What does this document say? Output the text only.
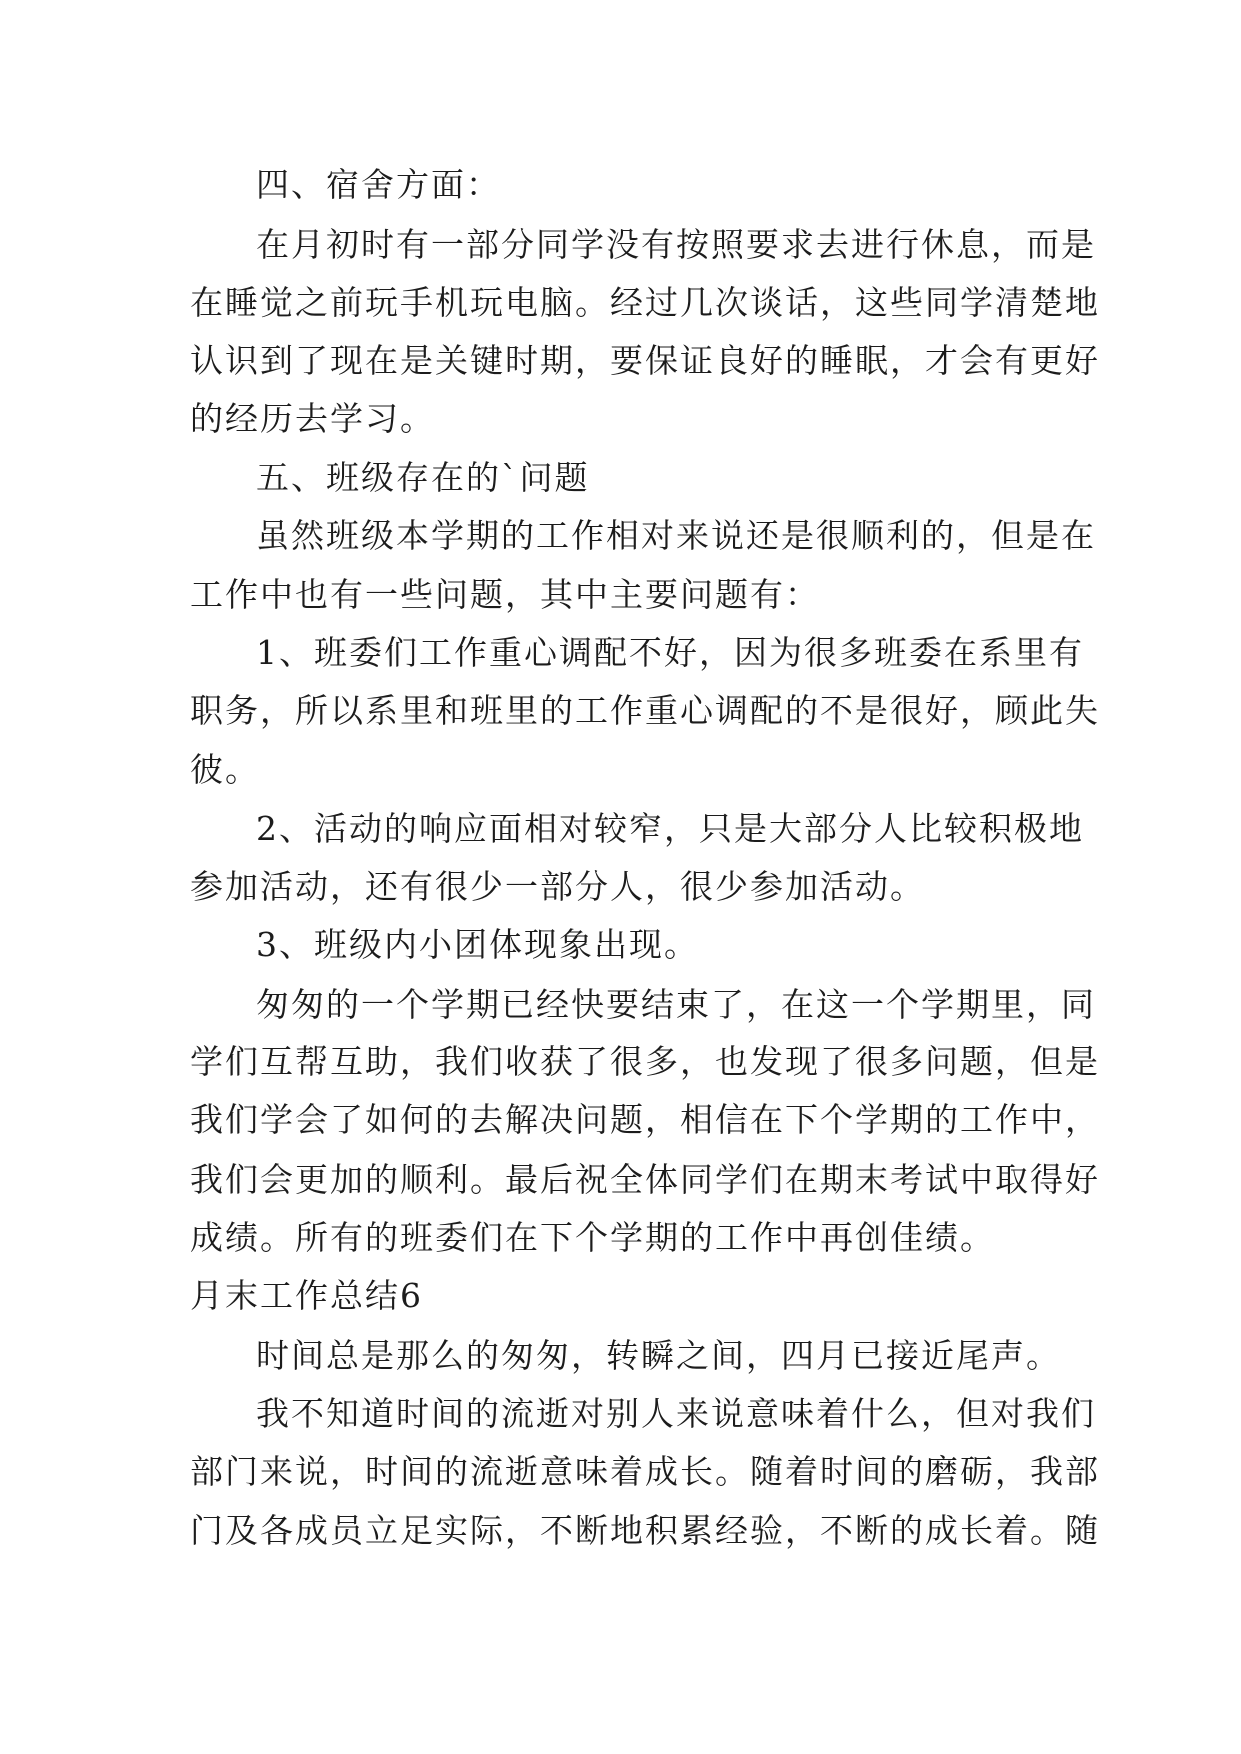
四、宿舍方面：
在月初时有一部分同学没有按照要求去进行休息，而是
在睡觉之前玩手机玩电脑。经过几次谈话，这些同学清楚地
认识到了现在是关键时期，要保证良好的睡眠，才会有更好
的经历去学习。
五、班级存在的`问题
虽然班级本学期的工作相对来说还是很顺利的，但是在
工作中也有一些问题，其中主要问题有：
1、班委们工作重心调配不好，因为很多班委在系里有
职务，所以系里和班里的工作重心调配的不是很好，顾此失
彼。
2、活动的响应面相对较窄，只是大部分人比较积极地
参加活动，还有很少一部分人，很少参加活动。
3、班级内小团体现象出现。
匆匆的一个学期已经快要结束了，在这一个学期里，同
学们互帮互助，我们收获了很多，也发现了很多问题，但是
我们学会了如何的去解决问题，相信在下个学期的工作中，
我们会更加的顺利。最后祝全体同学们在期末考试中取得好
成绩。所有的班委们在下个学期的工作中再创佳绩。
月末工作总结6
时间总是那么的匆匆，转瞬之间，四月已接近尾声。
我不知道时间的流逝对别人来说意味着什么，但对我们
部门来说，时间的流逝意味着成长。随着时间的磨砺，我部
门及各成员立足实际，不断地积累经验，不断的成长着。随
